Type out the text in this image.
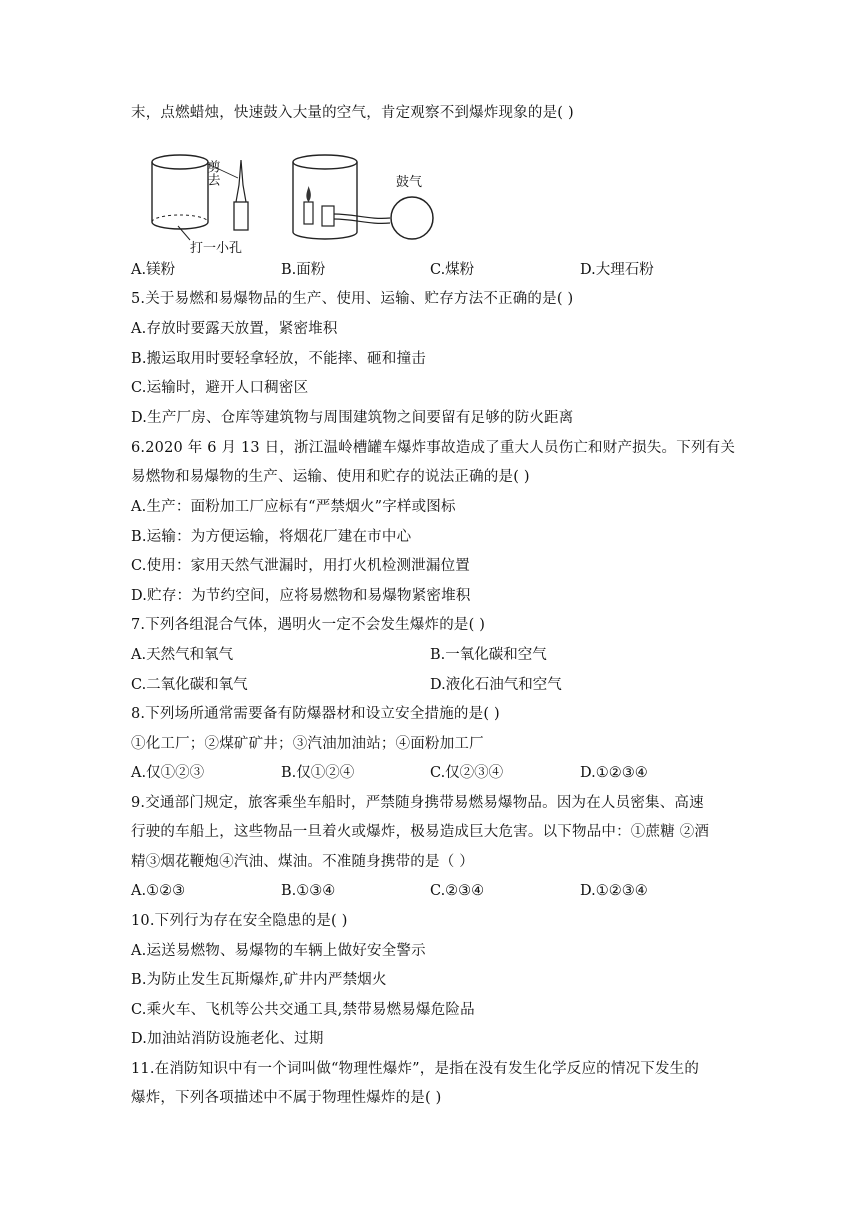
末，点燃蜡烛，快速鼓入大量的空气，肯定观察不到爆炸现象的是( )
打一小孔
剪去	鼓气
A.镁粉	B.面粉	C.煤粉	D.大理石粉
5.关于易燃和易爆物品的生产、使用、运输、贮存方法不正确的是( )
A.存放时要露天放置，紧密堆积
B.搬运取用时要轻拿轻放，不能摔、砸和撞击
C.运输时，避开人口稠密区
D.生产厂房、仓库等建筑物与周围建筑物之间要留有足够的防火距离
6.2020 年 6 月 13 日，浙江温岭槽罐车爆炸事故造成了重大人员伤亡和财产损失。下列有关
易燃物和易爆物的生产、运输、使用和贮存的说法正确的是( )
A.生产：面粉加工厂应标有“严禁烟火”字样或图标
B.运输：为方便运输，将烟花厂建在市中心
C.使用：家用天然气泄漏时，用打火机检测泄漏位置
D.贮存：为节约空间，应将易燃物和易爆物紧密堆积
7.下列各组混合气体，遇明火一定不会发生爆炸的是( )
A.天然气和氧气	B.一氧化碳和空气
C.二氧化碳和氧气	D.液化石油气和空气
8.下列场所通常需要备有防爆器材和设立安全措施的是( )
①化工厂；②煤矿矿井；③汽油加油站；④面粉加工厂
A.仅①②③	B.仅①②④	C.仅②③④	D.①②③④
9.交通部门规定，旅客乘坐车船时，严禁随身携带易燃易爆物品。因为在人员密集、高速
行驶的车船上，这些物品一旦着火或爆炸，极易造成巨大危害。以下物品中：①蔗糖 ②酒
精③烟花鞭炮④汽油、煤油。不准随身携带的是（ ）
A.①②③	B.①③④	C.②③④	D.①②③④
10.下列行为存在安全隐患的是( )
A.运送易燃物、易爆物的车辆上做好安全警示
B.为防止发生瓦斯爆炸,矿井内严禁烟火
C.乘火车、飞机等公共交通工具,禁带易燃易爆危险品
D.加油站消防设施老化、过期
11.在消防知识中有一个词叫做“物理性爆炸”，是指在没有发生化学反应的情况下发生的
爆炸，下列各项描述中不属于物理性爆炸的是( )
